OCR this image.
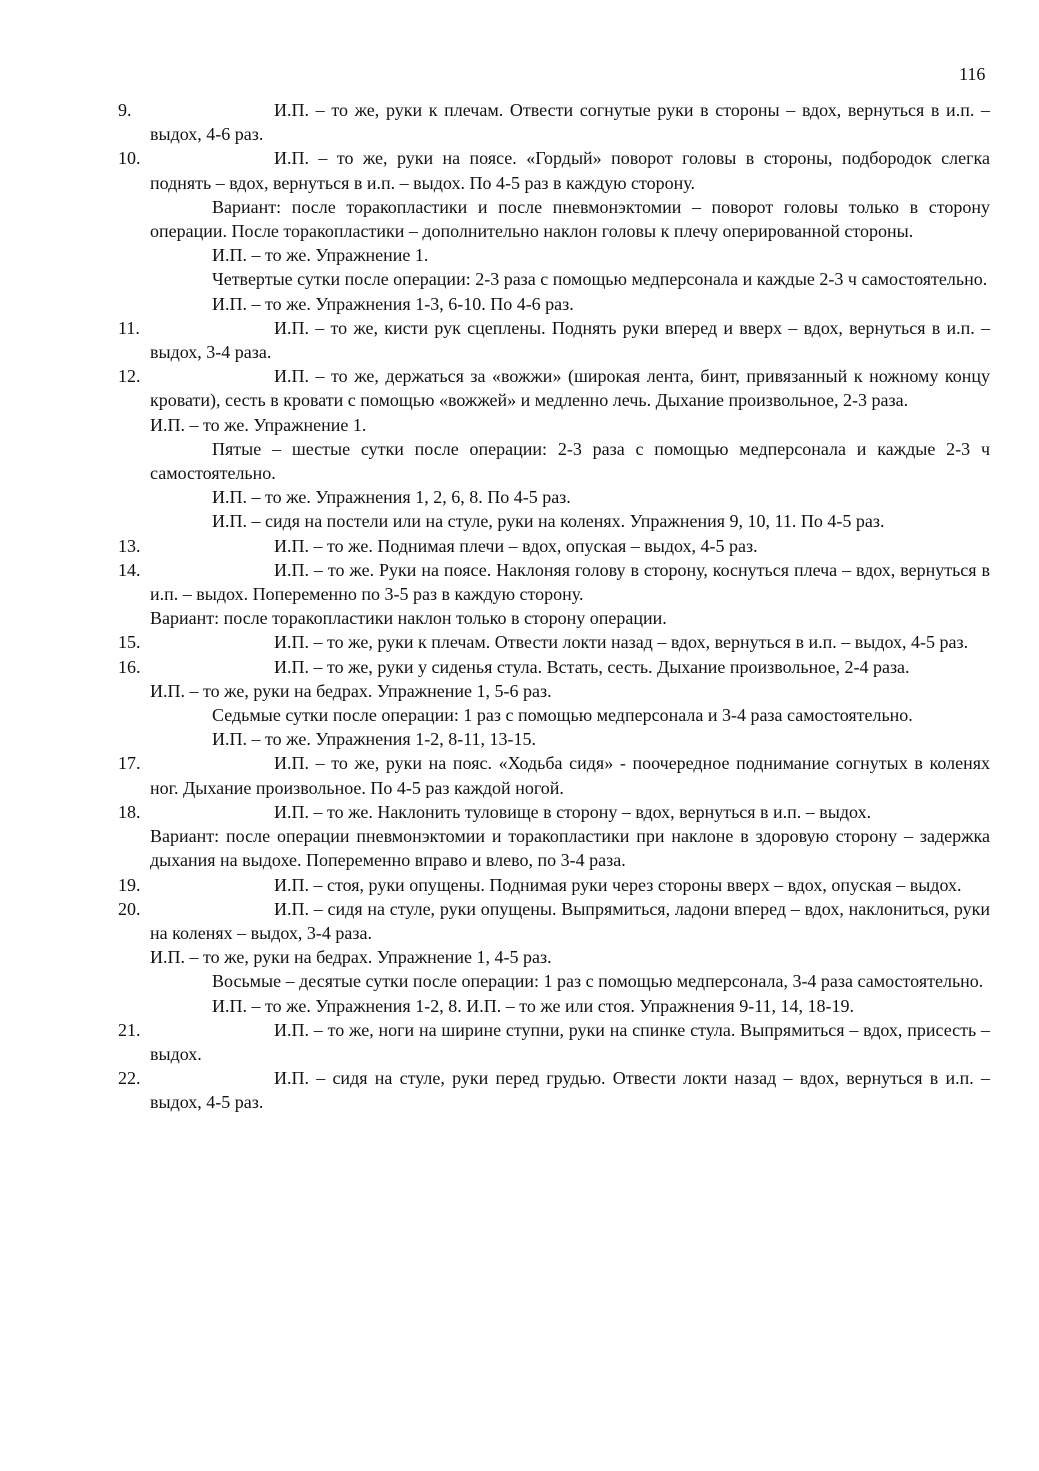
116
9.	И.П. – то же, руки к плечам. Отвести согнутые руки в стороны – вдох, вернуться в и.п. – выдох, 4-6 раз.

10.	И.П. – то же, руки на поясе. «Гордый» поворот головы в стороны, подбородок слегка поднять – вдох, вернуться в и.п. – выдох. По 4-5 раз в каждую сторону.

Вариант: после торакопластики и после пневмонэктомии – поворот головы только в сторону операции. После торакопластики – дополнительно наклон головы к плечу оперированной стороны.

И.П. – то же. Упражнение 1.

Четвертые сутки после операции: 2-3 раза с помощью медперсонала и каждые 2-3 ч самостоятельно.

И.П. – то же. Упражнения 1-3, 6-10. По 4-6 раз.

11.	И.П. – то же, кисти рук сцеплены. Поднять руки вперед и вверх – вдох, вернуться в и.п. – выдох, 3-4 раза.

12.	И.П. – то же, держаться за «вожжи» (широкая лента, бинт, привязанный к ножному концу кровати), сесть в кровати с помощью «вожжей» и медленно лечь. Дыхание произвольное, 2-3 раза.

И.П. – то же. Упражнение 1.

Пятые – шестые сутки после операции: 2-3 раза с помощью медперсонала и каждые 2-3 ч самостоятельно.

И.П. – то же. Упражнения 1, 2, 6, 8. По 4-5 раз.

И.П. – сидя на постели или на стуле, руки на коленях. Упражнения 9, 10, 11. По 4-5 раз.

13.	И.П. – то же. Поднимая плечи – вдох, опуская – выдох, 4-5 раз.

14.	И.П. – то же. Руки на поясе. Наклоняя голову в сторону, коснуться плеча – вдох, вернуться в и.п. – выдох. Попеременно по 3-5 раз в каждую сторону.

Вариант: после торакопластики наклон только в сторону операции.

15.	И.П. – то же, руки к плечам. Отвести локти назад – вдох, вернуться в и.п. – выдох, 4-5 раз.

16.	И.П. – то же, руки у сиденья стула. Встать, сесть. Дыхание произвольное, 2-4 раза.

И.П. – то же, руки на бедрах. Упражнение 1, 5-6 раз.

Седьмые сутки после операции: 1 раз с помощью медперсонала и 3-4 раза самостоятельно.

И.П. – то же. Упражнения 1-2, 8-11, 13-15.

17.	И.П. – то же, руки на пояс. «Ходьба сидя» - поочередное поднимание согнутых в коленях ног. Дыхание произвольное. По 4-5 раз каждой ногой.

18.	И.П. – то же. Наклонить туловище в сторону – вдох, вернуться в и.п. – выдох.

Вариант: после операции пневмонэктомии и торакопластики при наклоне в здоровую сторону – задержка дыхания на выдохе. Попеременно вправо и влево, по 3-4 раза.

19.	И.П. – стоя, руки опущены. Поднимая руки через стороны вверх – вдох, опуская – выдох.

20.	И.П. – сидя на стуле, руки опущены. Выпрямиться, ладони вперед – вдох, наклониться, руки на коленях – выдох, 3-4 раза.

И.П. – то же, руки на бедрах. Упражнение 1, 4-5 раз.

Восьмые – десятые сутки после операции: 1 раз с помощью медперсонала, 3-4 раза самостоятельно.

И.П. – то же. Упражнения 1-2, 8. И.П. – то же или стоя. Упражнения 9-11, 14, 18-19.

21.	И.П. – то же, ноги на ширине ступни, руки на спинке стула. Выпрямиться – вдох, присесть – выдох.

22.	И.П. – сидя на стуле, руки перед грудью. Отвести локти назад – вдох, вернуться в и.п. – выдох, 4-5 раз.
